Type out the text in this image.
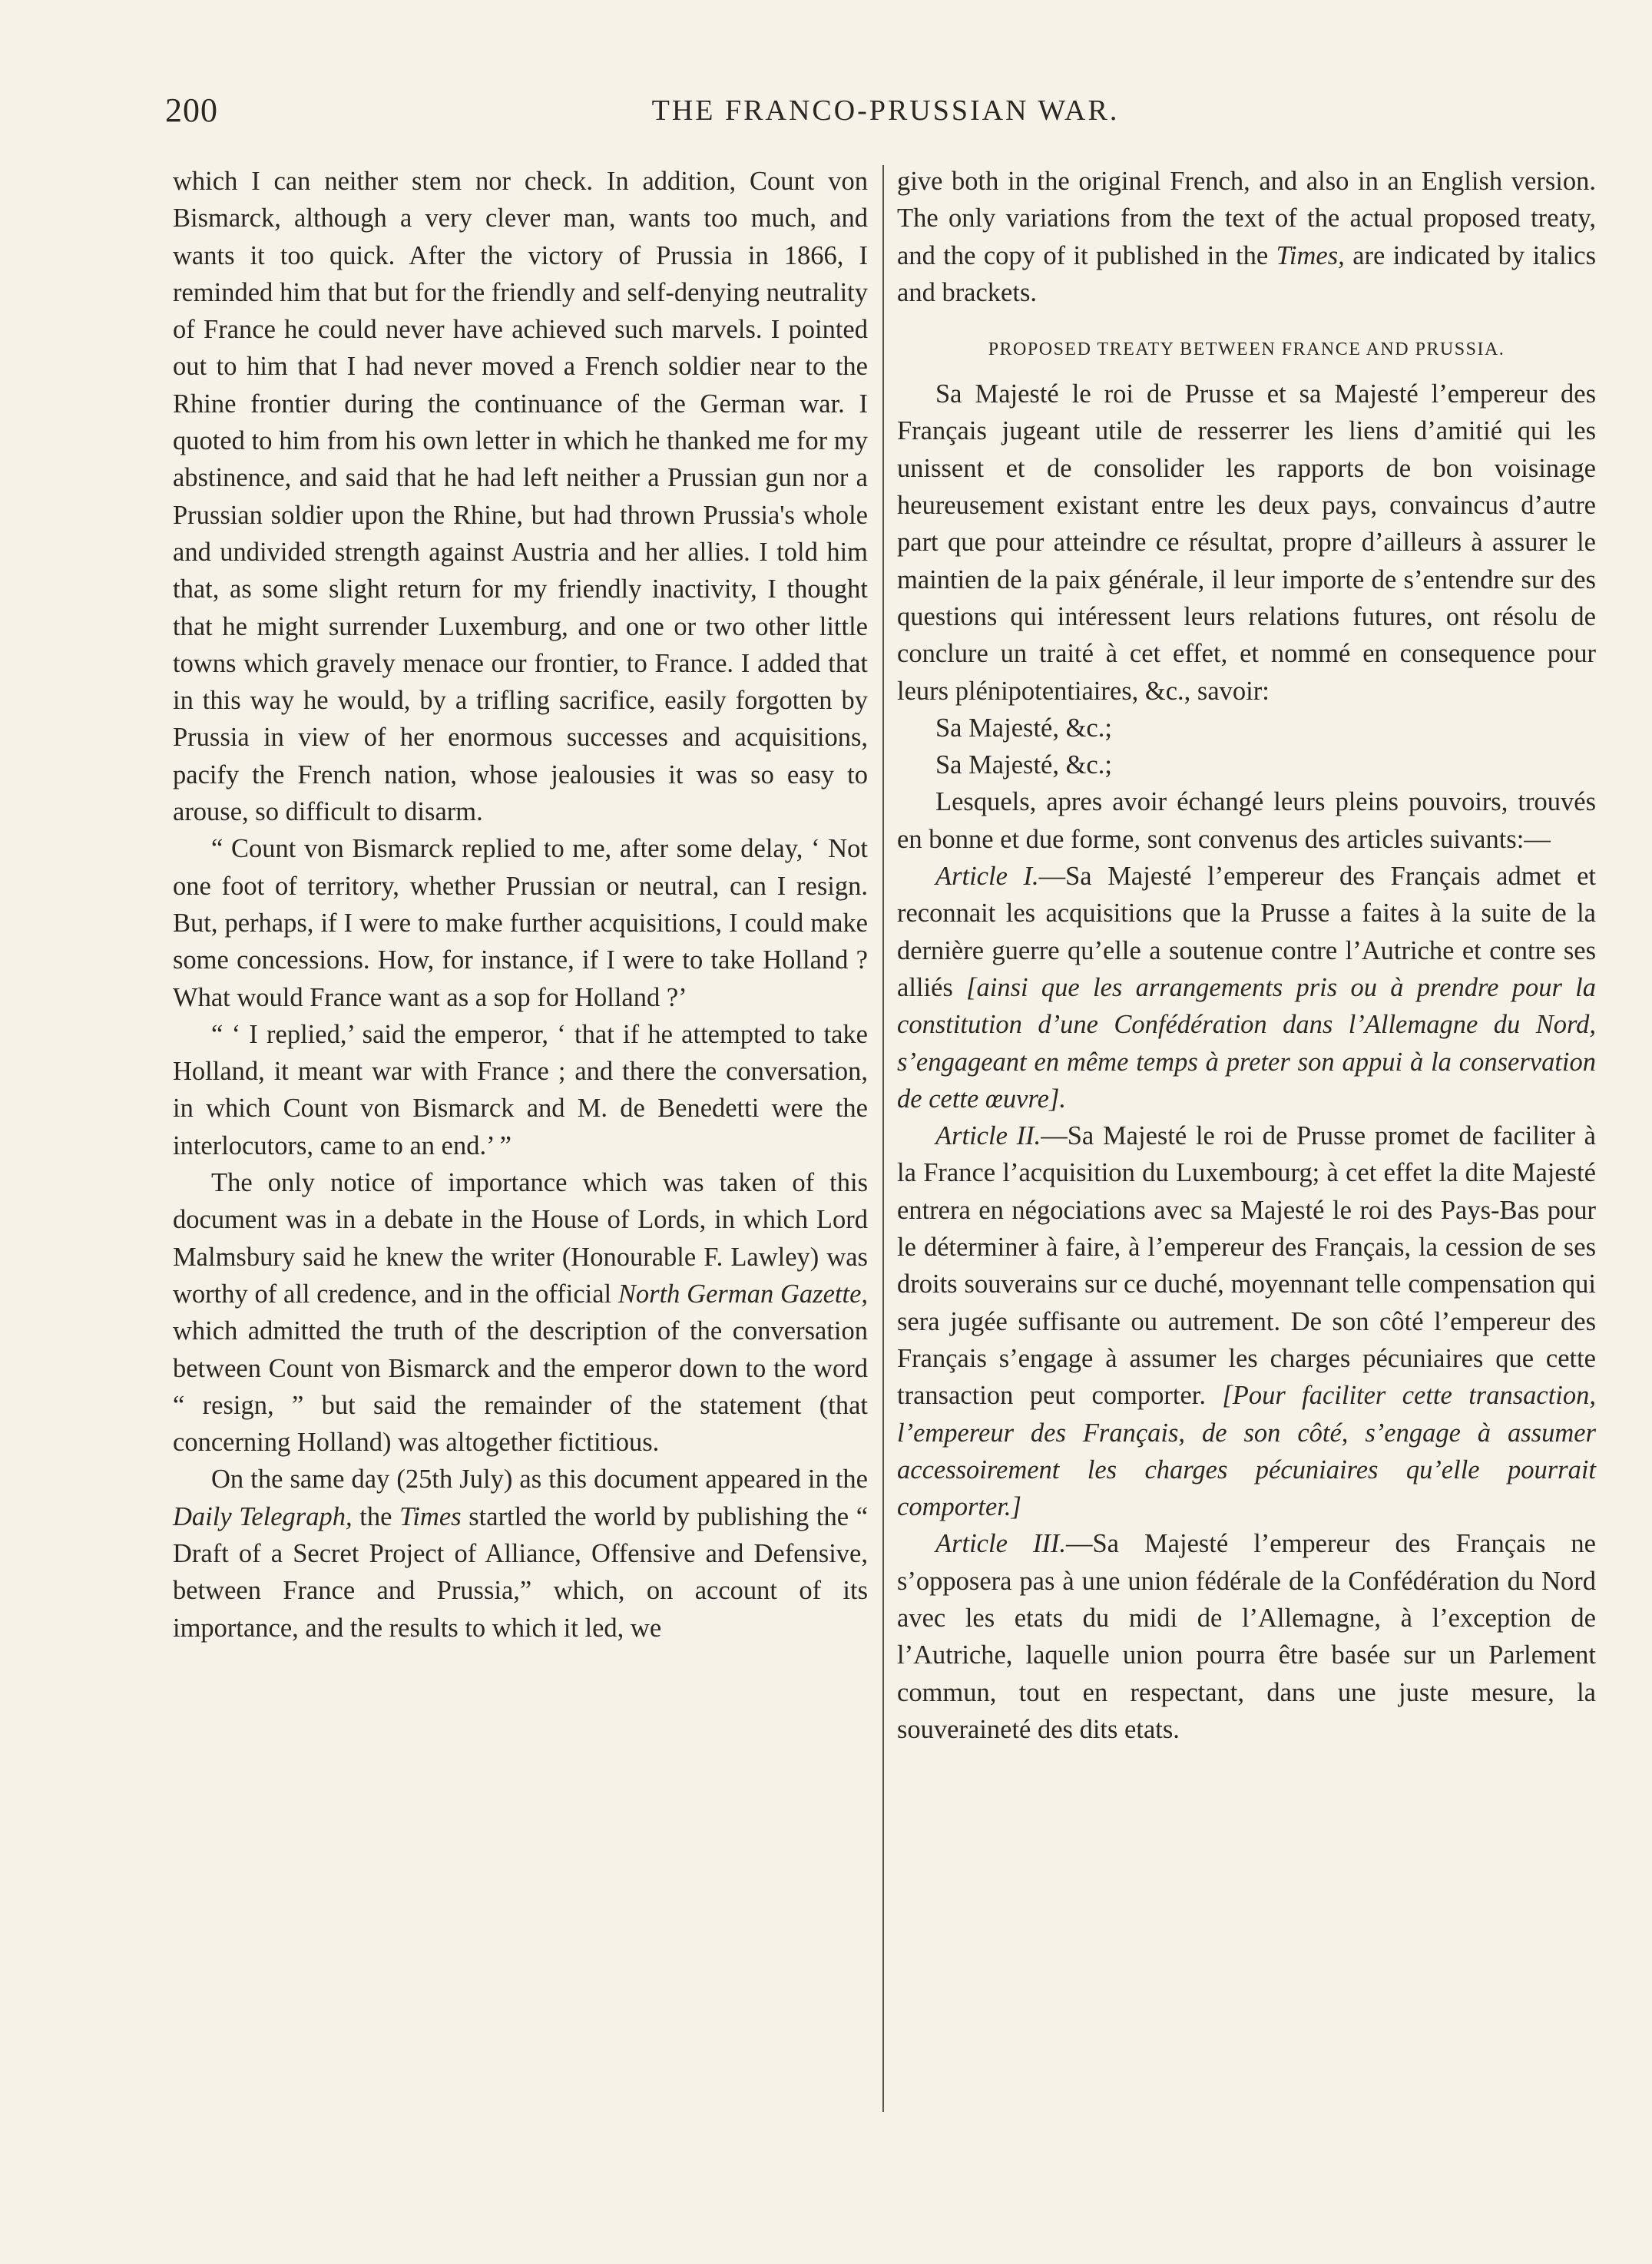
200	THE FRANCO-PRUSSIAN WAR.

which I can neither stem nor check. In addition, Count von Bismarck, although a very clever man, wants too much, and wants it too quick. After the victory of Prussia in 1866, I reminded him that but for the friendly and self-denying neutrality of France he could never have achieved such marvels. I pointed out to him that I had never moved a French soldier near to the Rhine frontier during the continuance of the German war. I quoted to him from his own letter in which he thanked me for my abstinence, and said that he had left neither a Prussian gun nor a Prussian soldier upon the Rhine, but had thrown Prussia's whole and undivided strength against Austria and her allies. I told him that, as some slight return for my friendly inactivity, I thought that he might surrender Luxemburg, and one or two other little towns which gravely menace our frontier, to France. I added that in this way he would, by a trifling sacrifice, easily forgotten by Prussia in view of her enormous successes and acquisitions, pacify the French nation, whose jealousies it was so easy to arouse, so difficult to disarm.

“ Count von Bismarck replied to me, after some delay, ‘ Not one foot of territory, whether Prussian or neutral, can I resign. But, perhaps, if I were to make further acquisitions, I could make some concessions. How, for instance, if I were to take Holland ? What would France want as a sop for Holland ?’

“ ‘ I replied,’ said the emperor, ‘ that if he attempted to take Holland, it meant war with France ; and there the conversation, in which Count von Bismarck and M. de Benedetti were the interlocutors, came to an end.’ ”

The only notice of importance which was taken of this document was in a debate in the House of Lords, in which Lord Malmsbury said he knew the writer (Honourable F. Lawley) was worthy of all credence, and in the official North German Gazette, which admitted the truth of the description of the conversation between Count von Bismarck and the emperor down to the word “ resign, ” but said the remainder of the statement (that concerning Holland) was altogether fictitious.

On the same day (25th July) as this document appeared in the Daily Telegraph, the Times startled the world by publishing the “ Draft of a Secret Project of Alliance, Offensive and Defensive, between France and Prussia,” which, on account of its importance, and the results to which it led, we

give both in the original French, and also in an English version. The only variations from the text of the actual proposed treaty, and the copy of it published in the Times, are indicated by italics and brackets.

PROPOSED TREATY BETWEEN FRANCE AND PRUSSIA.

Sa Majesté le roi de Prusse et sa Majesté l’empereur des Français jugeant utile de resserrer les liens d’amitié qui les unissent et de consolider les rapports de bon voisinage heureusement existant entre les deux pays, convaincus d’autre part que pour atteindre ce résultat, propre d’ailleurs à assurer le maintien de la paix générale, il leur importe de s’entendre sur des questions qui intéressent leurs relations futures, ont résolu de conclure un traité à cet effet, et nommé en consequence pour leurs plénipotentiaires, &c., savoir:

Sa Majesté, &c.;

Sa Majesté, &c.;

Lesquels, apres avoir échangé leurs pleins pouvoirs, trouvés en bonne et due forme, sont convenus des articles suivants:—

Article I.—Sa Majesté l’empereur des Français admet et reconnait les acquisitions que la Prusse a faites à la suite de la dernière guerre qu’elle a soutenue contre l’Autriche et contre ses alliés [ainsi que les arrangements pris ou à prendre pour la constitution d’une Confédération dans l’Allemagne du Nord, s’engageant en même temps à preter son appui à la conservation de cette œuvre].

Article II.—Sa Majesté le roi de Prusse promet de faciliter à la France l’acquisition du Luxembourg; à cet effet la dite Majesté entrera en négociations avec sa Majesté le roi des Pays-Bas pour le déterminer à faire, à l’empereur des Français, la cession de ses droits souverains sur ce duché, moyennant telle compensation qui sera jugée suffisante ou autrement. De son côté l’empereur des Français s’engage à assumer les charges pécuniaires que cette transaction peut comporter. [Pour faciliter cette transaction, l’empereur des Français, de son côté, s’engage à assumer accessoirement les charges pécuniaires qu’elle pourrait comporter.]

Article III.—Sa Majesté l’empereur des Français ne s’opposera pas à une union fédérale de la Confédération du Nord avec les etats du midi de l’Allemagne, à l’exception de l’Autriche, laquelle union pourra être basée sur un Parlement commun, tout en respectant, dans une juste mesure, la souveraineté des dits etats.
